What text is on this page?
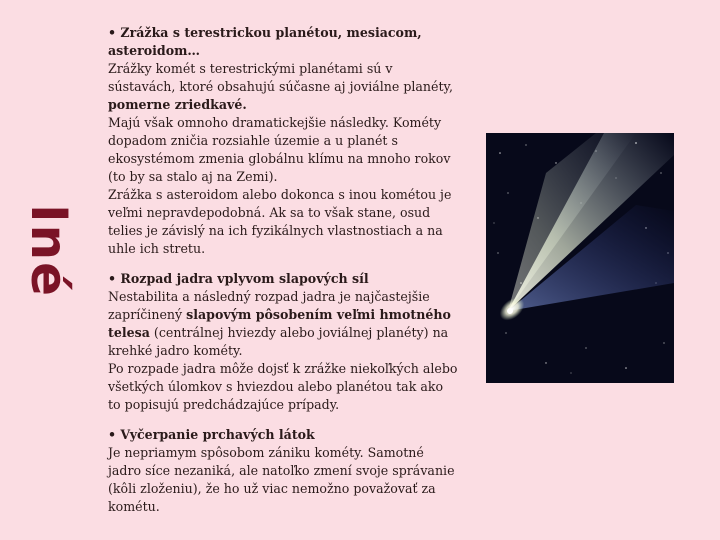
Iné
• Zrážka s terestrickou planétou, mesiacom, asteroidom…
Zrážky komét s terestrickými planétami sú v sústavách, ktoré obsahujú súčasne aj joviálne planéty, pomerne zriedkavé.
Majú však omnoho dramatickejšie následky. Kométy dopadom zničia rozsiahle územie a u planét s ekosystémom zmenia globálnu klímu na mnoho rokov (to by sa stalo aj na Zemi).
Zrážka s asteroidom alebo dokonca s inou kométou je veľmi nepravdepodobná. Ak sa to však stane, osud telies je závislý na ich fyzikálnych vlastnostiach a na uhle ich stretu.
• Rozpad jadra vplyvom slapových síl
Nestabilita a následný rozpad jadra je najčastejšie zapríčinený slapovým pôsobením veľmi hmotného telesa (centrálnej hviezdy alebo joviálnej planéty) na krehké jadro kométy.
Po rozpade jadra môže dojsť k zrážke niekoľkých alebo všetkých úlomkov s hviezdou alebo planétou tak ako to popisujú predchádzajúce prípady.
• Vyčerpanie prchavých látok
Je nepriamym spôsobom zániku kométy. Samotné jadro síce nezaniká, ale natoľko zmení svoje správanie (kôli zloženiu), že ho už viac nemožno považovať za kométu.
